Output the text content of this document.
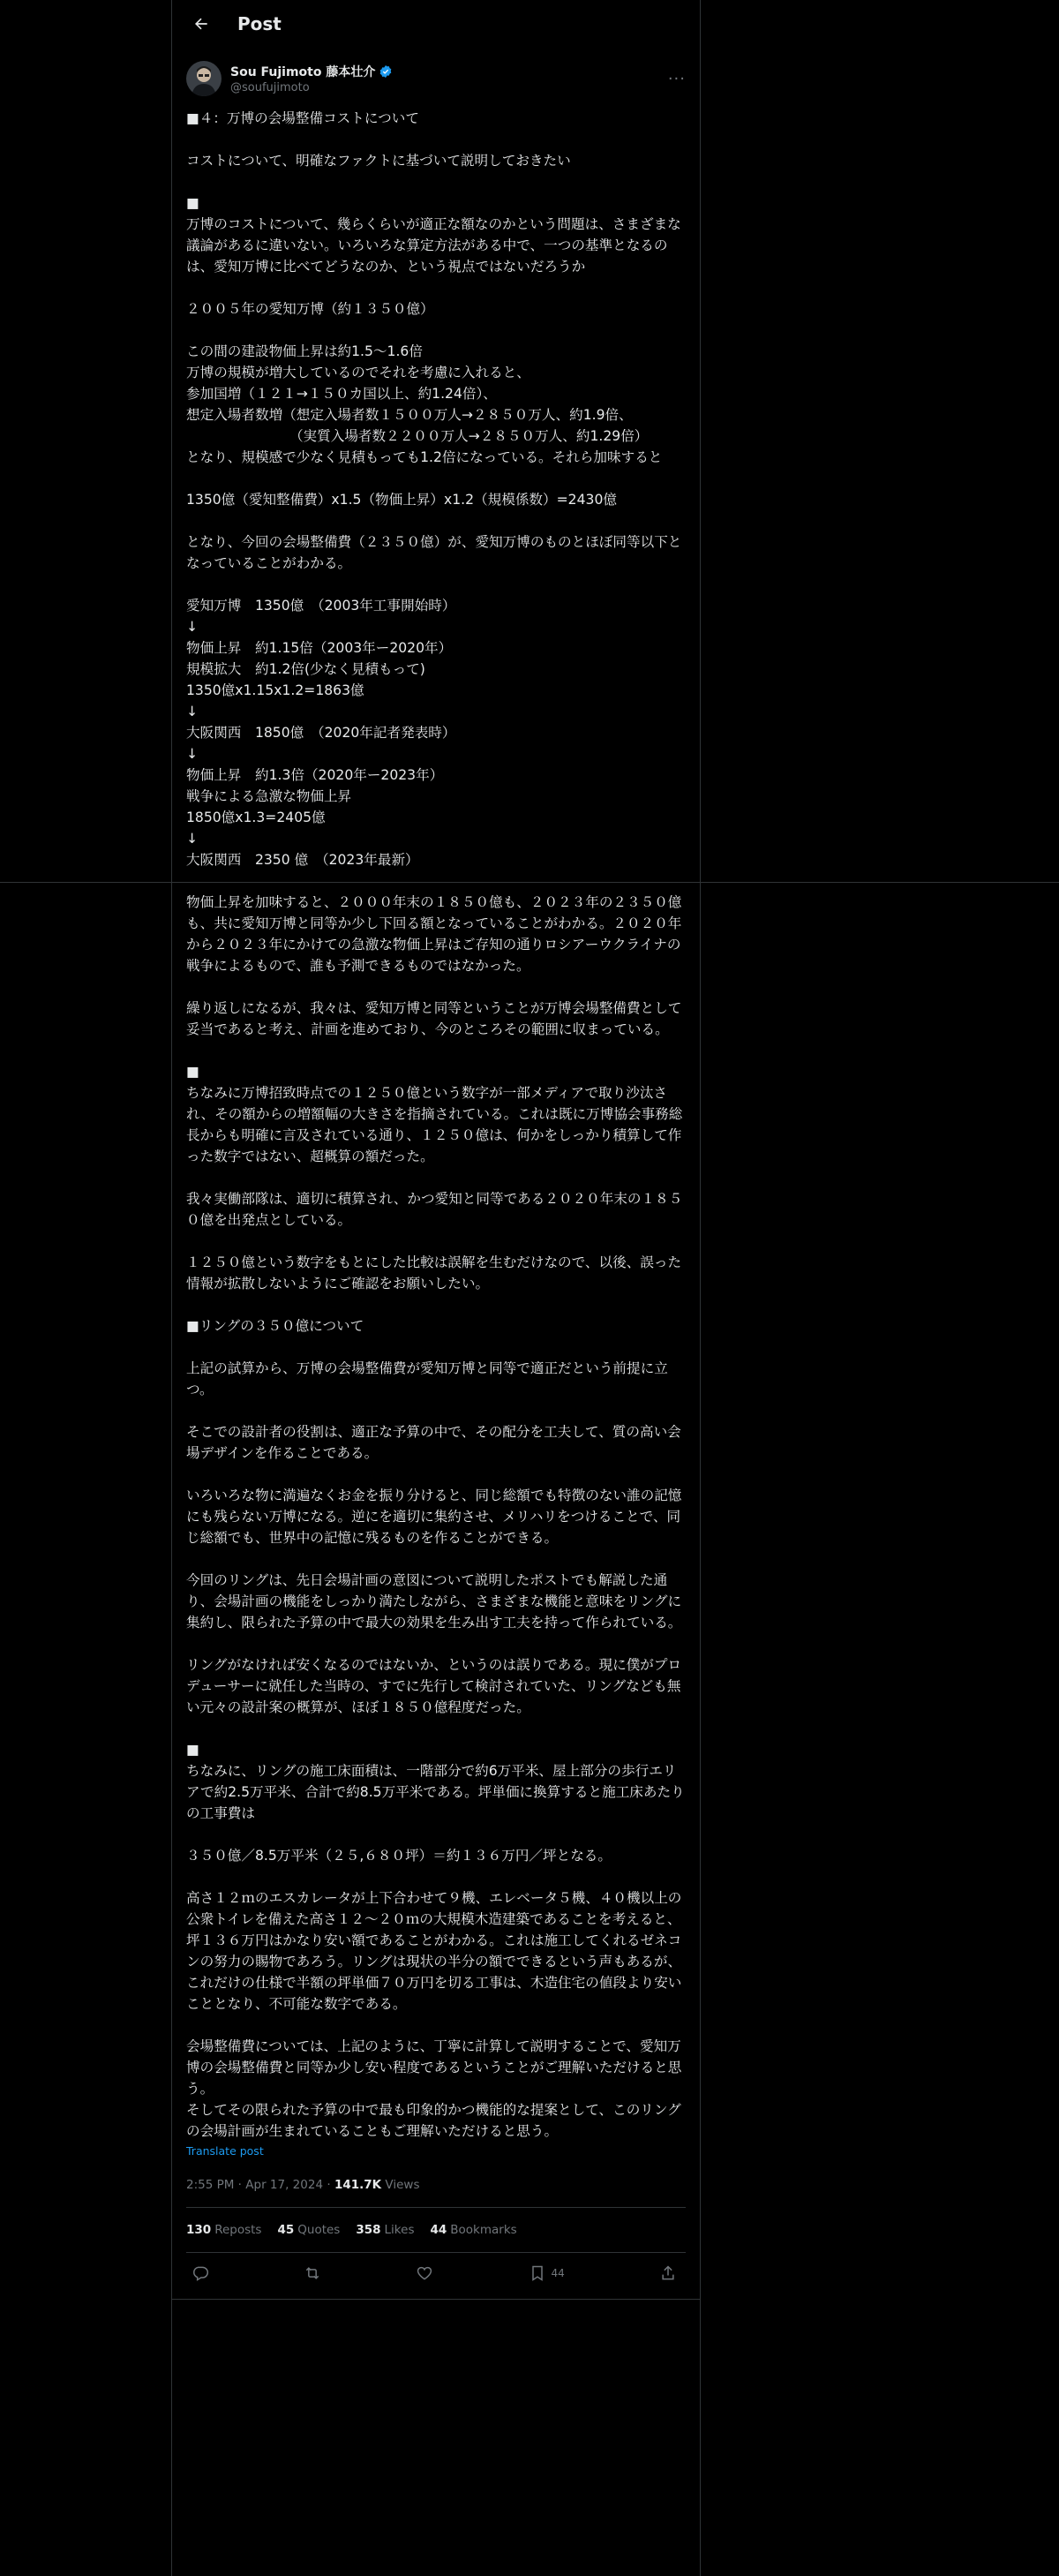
Post
Sou Fujimoto 藤本壮介
@soufujimoto	···
■４：万博の会場整備コストについて

コストについて、明確なファクトに基づいて説明しておきたい

■
万博のコストについて、幾らくらいが適正な額なのかという問題は、さまざまな議論があるに違いない。いろいろな算定方法がある中で、一つの基準となるのは、愛知万博に比べてどうなのか、という視点ではないだろうか

２００５年の愛知万博（約１３５０億）

この間の建設物価上昇は約1.5〜1.6倍
万博の規模が増大しているのでそれを考慮に入れると、
参加国増（１２１→１５０カ国以上、約1.24倍）、
想定入場者数増（想定入場者数１５００万人→２８５０万人、約1.9倍、
　　　　　　　　（実質入場者数２２００万人→２８５０万人、約1.29倍）
となり、規模感で少なく見積もっても1.2倍になっている。それら加味すると

1350億（愛知整備費）x1.5（物価上昇）x1.2（規模係数）=2430億

となり、今回の会場整備費（２３５０億）が、愛知万博のものとほぼ同等以下となっていることがわかる。

愛知万博　1350億　（2003年工事開始時）
↓
物価上昇　約1.15倍（2003年ー2020年）
規模拡大　約1.2倍(少なく見積もって)
1350億x1.15x1.2=1863億
↓
大阪関西　1850億　（2020年記者発表時）
↓
物価上昇　約1.3倍（2020年ー2023年）
戦争による急激な物価上昇
1850億x1.3=2405億
↓
大阪関西　2350 億　（2023年最新）

物価上昇を加味すると、２０００年末の１８５０億も、２０２３年の２３５０億も、共に愛知万博と同等か少し下回る額となっていることがわかる。２０２０年から２０２３年にかけての急激な物価上昇はご存知の通りロシアーウクライナの戦争によるもので、誰も予測できるものではなかった。

繰り返しになるが、我々は、愛知万博と同等ということが万博会場整備費として妥当であると考え、計画を進めており、今のところその範囲に収まっている。

■
ちなみに万博招致時点での１２５０億という数字が一部メディアで取り沙汰され、その額からの増額幅の大きさを指摘されている。これは既に万博協会事務総長からも明確に言及されている通り、１２５０億は、何かをしっかり積算して作った数字ではない、超概算の額だった。

我々実働部隊は、適切に積算され、かつ愛知と同等である２０２０年末の１８５０億を出発点としている。

１２５０億という数字をもとにした比較は誤解を生むだけなので、以後、誤った情報が拡散しないようにご確認をお願いしたい。

■リングの３５０億について

上記の試算から、万博の会場整備費が愛知万博と同等で適正だという前提に立つ。

そこでの設計者の役割は、適正な予算の中で、その配分を工夫して、質の高い会場デザインを作ることである。

いろいろな物に満遍なくお金を振り分けると、同じ総額でも特徴のない誰の記憶にも残らない万博になる。逆にを適切に集約させ、メリハリをつけることで、同じ総額でも、世界中の記憶に残るものを作ることができる。

今回のリングは、先日会場計画の意図について説明したポストでも解説した通り、会場計画の機能をしっかり満たしながら、さまざまな機能と意味をリングに集約し、限られた予算の中で最大の効果を生み出す工夫を持って作られている。

リングがなければ安くなるのではないか、というのは誤りである。現に僕がプロデューサーに就任した当時の、すでに先行して検討されていた、リングなども無い元々の設計案の概算が、ほぼ１８５０億程度だった。

■
ちなみに、リングの施工床面積は、一階部分で約6万平米、屋上部分の歩行エリアで約2.5万平米、合計で約8.5万平米である。坪単価に換算すると施工床あたりの工事費は

３５０億／8.5万平米（２５,６８０坪）＝約１３６万円／坪となる。

高さ１２ｍのエスカレータが上下合わせて９機、エレベータ５機、４０機以上の公衆トイレを備えた高さ１２〜２０ｍの大規模木造建築であることを考えると、坪１３６万円はかなり安い額であることがわかる。これは施工してくれるゼネコンの努力の賜物であろう。リングは現状の半分の額でできるという声もあるが、これだけの仕様で半額の坪単価７０万円を切る工事は、木造住宅の値段より安いこととなり、不可能な数字である。

会場整備費については、上記のように、丁寧に計算して説明することで、愛知万博の会場整備費と同等か少し安い程度であるということがご理解いただけると思う。
そしてその限られた予算の中で最も印象的かつ機能的な提案として、このリングの会場計画が生まれていることもご理解いただけると思う。
Translate post
2:55 PM · Apr 17, 2024 · 141.7K Views
130 Reposts 45 Quotes 358 Likes 44 Bookmarks
44
